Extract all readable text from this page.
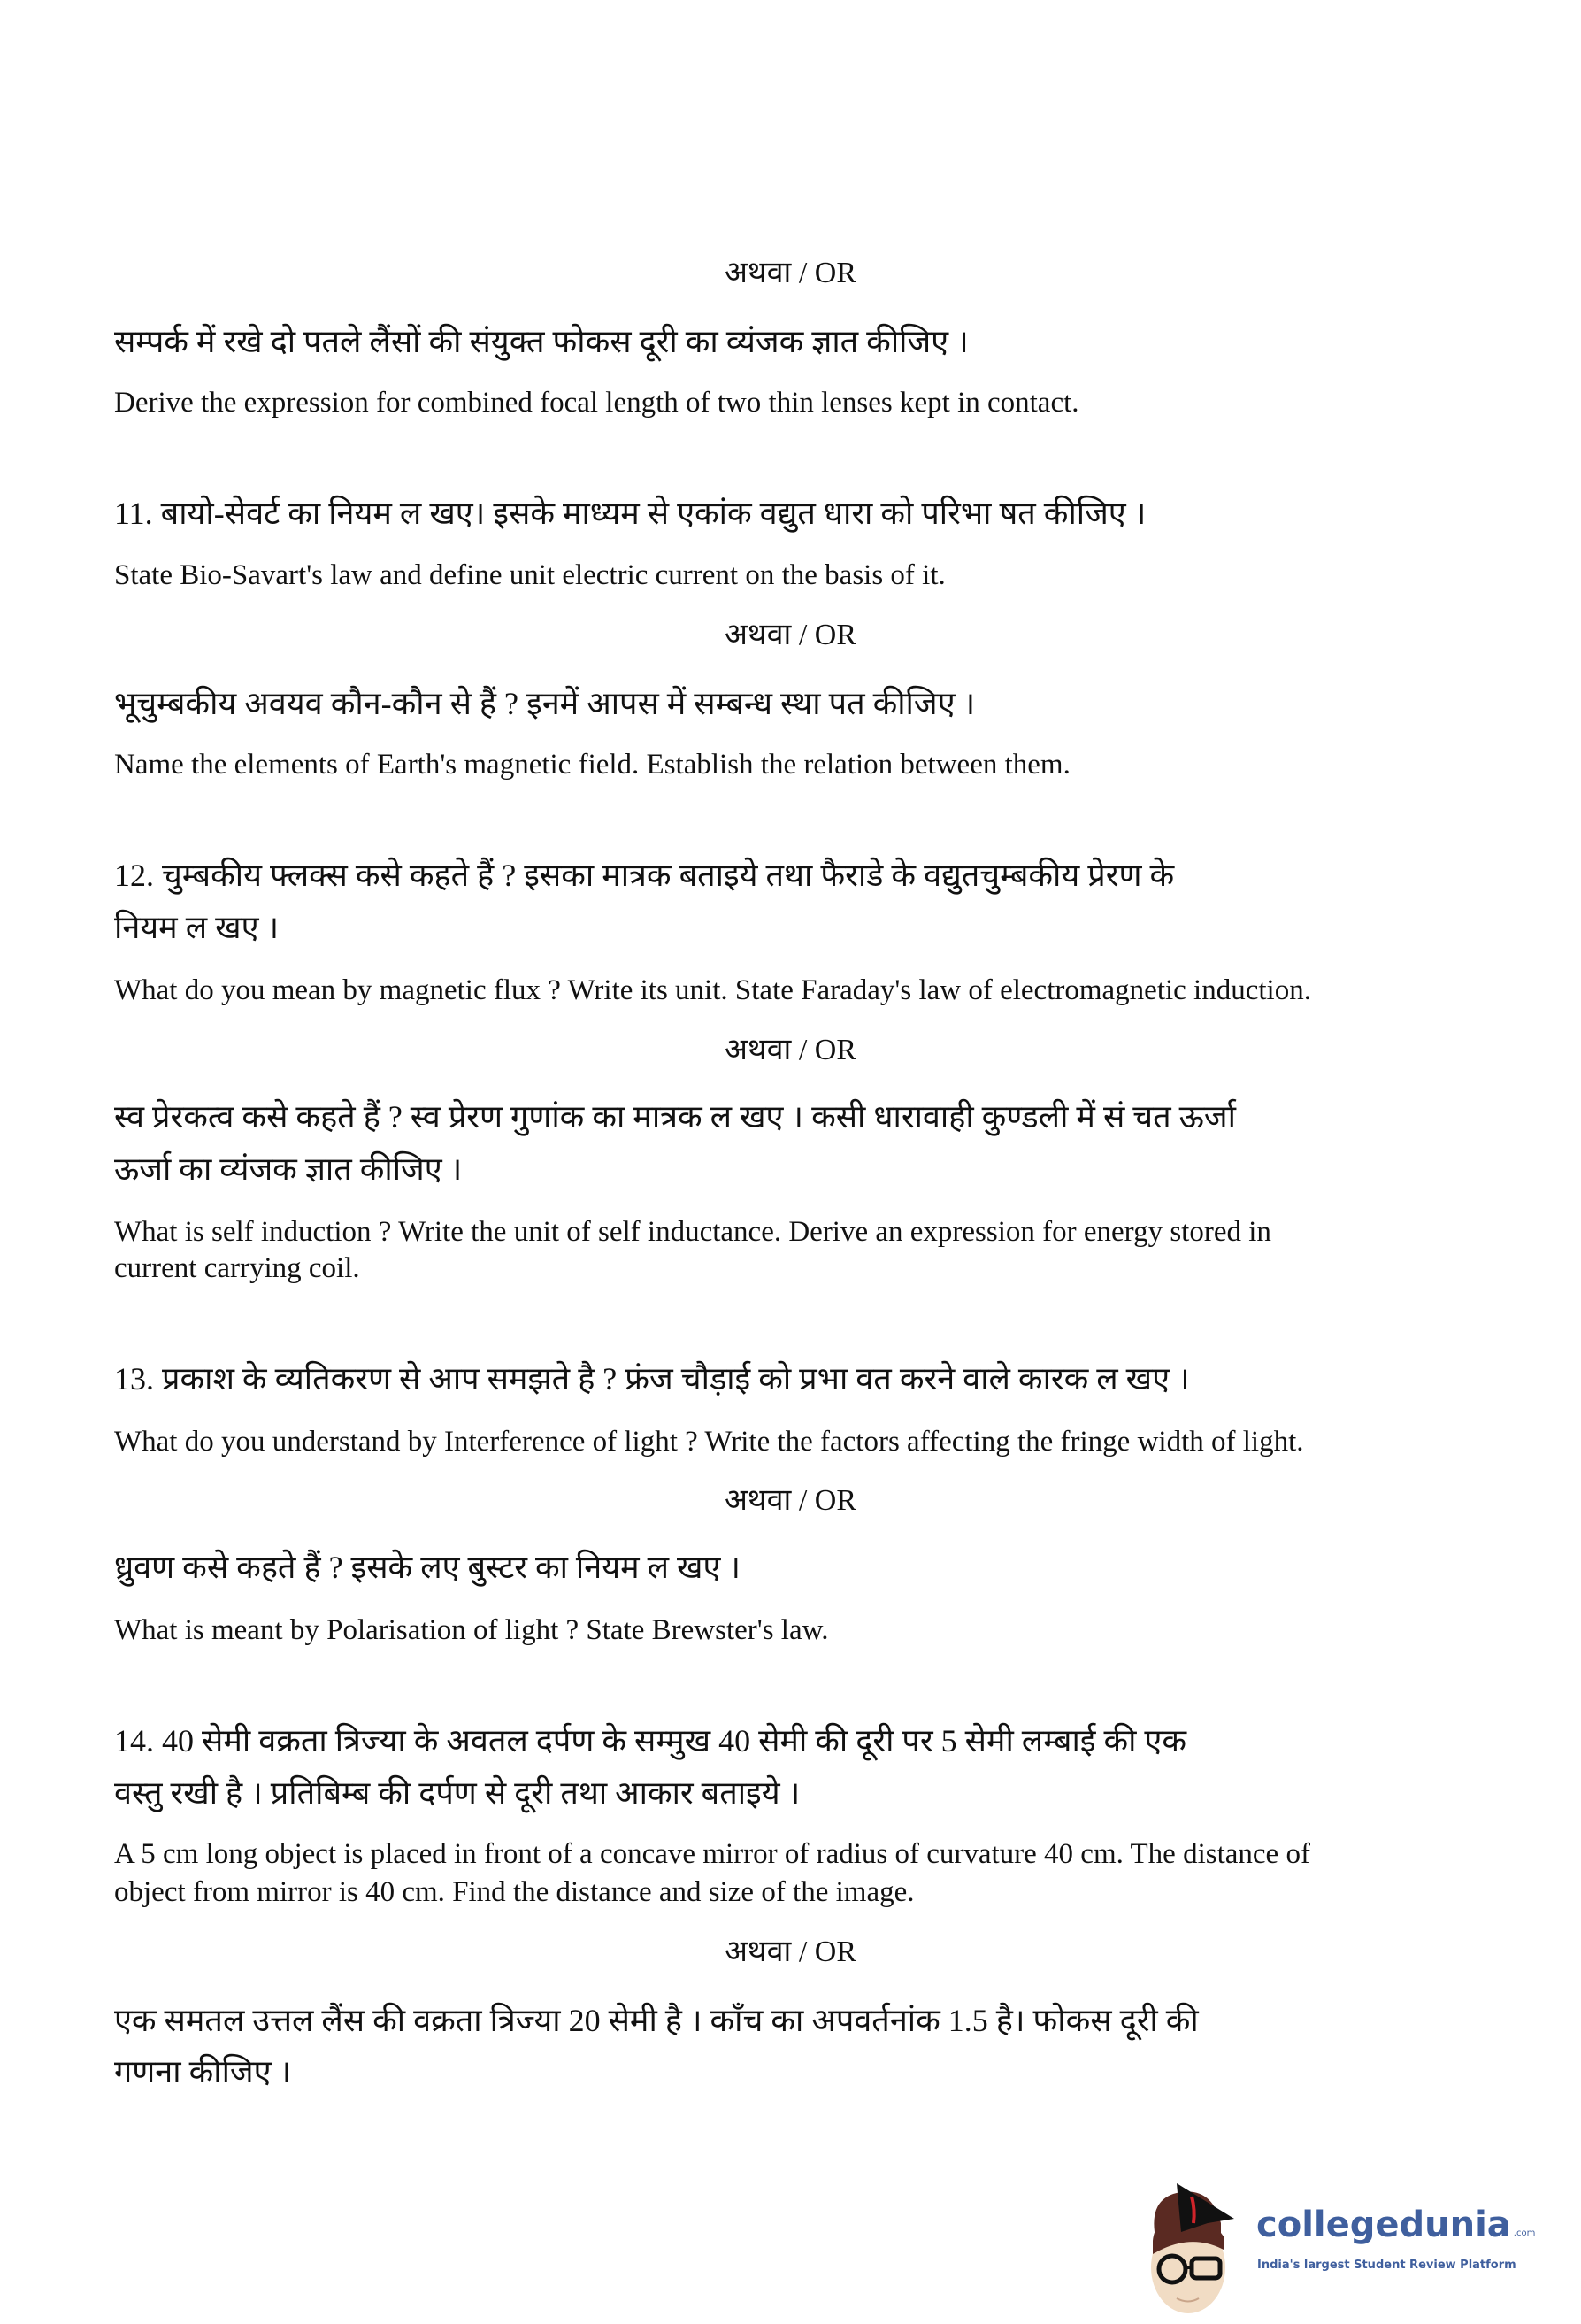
अथवा / OR
सम्पर्क में रखे दो पतले लैंसों की संयुक्त फोकस दूरी का व्यंजक ज्ञात कीजिए ।
Derive the expression for combined focal length of two thin lenses kept in contact.
11. बायो-सेवर्ट का नियम ल खए। इसके माध्यम से एकांक वद्युत धारा को परिभा षत कीजिए ।
State Bio-Savart's law and define unit electric current on the basis of it.
अथवा / OR
भूचुम्बकीय अवयव कौन-कौन से हैं ? इनमें आपस में सम्बन्ध स्था पत कीजिए ।
Name the elements of Earth's magnetic field. Establish the relation between them.
12. चुम्बकीय फ्लक्स कसे कहते हैं ? इसका मात्रक बताइये तथा फैराडे के वद्युतचुम्बकीय प्रेरण के
नियम ल खए ।
What do you mean by magnetic flux ? Write its unit. State Faraday's law of electromagnetic induction.
अथवा / OR
स्व प्रेरकत्व कसे कहते हैं ? स्व प्रेरण गुणांक का मात्रक ल खए । कसी धारावाही कुण्डली में सं चत ऊर्जा
ऊर्जा का व्यंजक ज्ञात कीजिए ।
What is self induction ? Write the unit of self inductance. Derive an expression for energy stored in
current carrying coil.
13. प्रकाश के व्यतिकरण से आप समझते है ? फ्रंज चौड़ाई को प्रभा वत करने वाले कारक ल खए ।
What do you understand by Interference of light ? Write the factors affecting the fringe width of light.
अथवा / OR
ध्रुवण कसे कहते हैं ? इसके लए बुस्टर का नियम ल खए ।
What is meant by Polarisation of light ? State Brewster's law.
14. 40 सेमी वक्रता त्रिज्या के अवतल दर्पण के सम्मुख 40 सेमी की दूरी पर 5 सेमी लम्बाई की एक
वस्तु रखी है । प्रतिबिम्ब की दर्पण से दूरी तथा आकार बताइये ।
A 5 cm long object is placed in front of a concave mirror of radius of curvature 40 cm. The distance of
object from mirror is 40 cm. Find the distance and size of the image.
अथवा / OR
एक समतल उत्तल लैंस की वक्रता त्रिज्या 20 सेमी है । काँच का अपवर्तनांक 1.5 है। फोकस दूरी की
गणना कीजिए ।
collegedunia .com
India's largest Student Review Platform
